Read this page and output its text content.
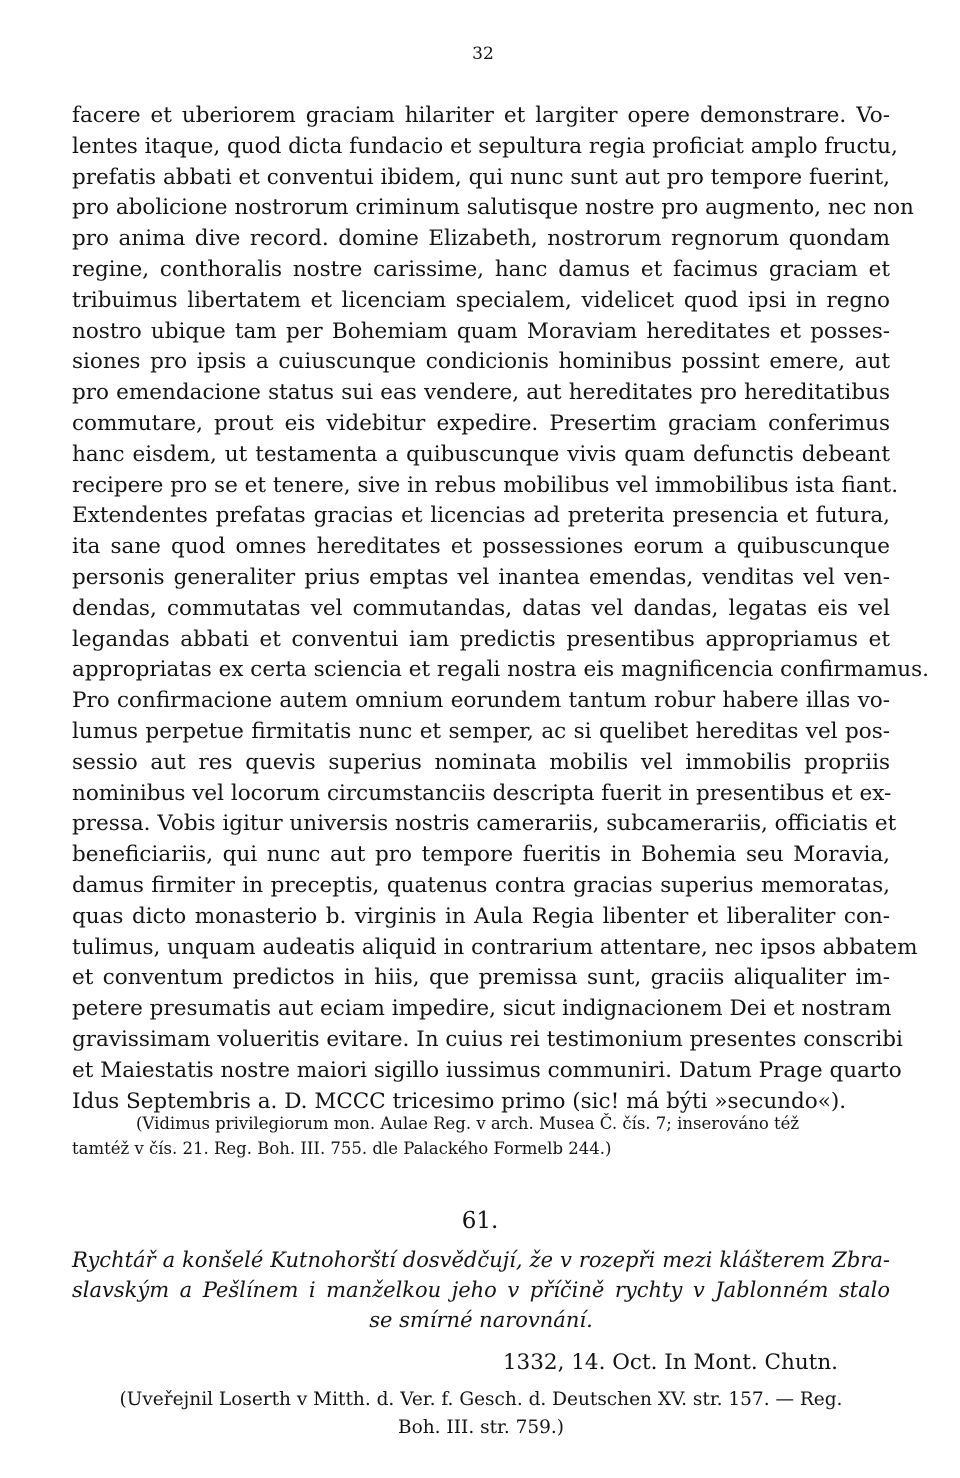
32

facere et uberiorem graciam hilariter et largiter opere demonstrare. Vo-
lentes itaque, quod dicta fundacio et sepultura regia proficiat amplo fructu,
prefatis abbati et conventui ibidem, qui nunc sunt aut pro tempore fuerint,
pro abolicione nostrorum criminum salutisque nostre pro augmento, nec non
pro anima dive record. domine Elizabeth, nostrorum regnorum quondam
regine, conthoralis nostre carissime, hanc damus et facimus graciam et
tribuimus libertatem et licenciam specialem, videlicet quod ipsi in regno
nostro ubique tam per Bohemiam quam Moraviam hereditates et posses-
siones pro ipsis a cuiuscunque condicionis hominibus possint emere, aut
pro emendacione status sui eas vendere, aut hereditates pro hereditatibus
commutare, prout eis videbitur expedire. Presertim graciam conferimus
hanc eisdem, ut testamenta a quibuscunque vivis quam defunctis debeant
recipere pro se et tenere, sive in rebus mobilibus vel immobilibus ista fiant.
Extendentes prefatas gracias et licencias ad preterita presencia et futura,
ita sane quod omnes hereditates et possessiones eorum a quibuscunque
personis generaliter prius emptas vel inantea emendas, venditas vel ven-
dendas, commutatas vel commutandas, datas vel dandas, legatas eis vel
legandas abbati et conventui iam predictis presentibus appropriamus et
appropriatas ex certa sciencia et regali nostra eis magnificencia confirmamus.
Pro confirmacione autem omnium eorundem tantum robur habere illas vo-
lumus perpetue firmitatis nunc et semper, ac si quelibet hereditas vel pos-
sessio aut res quevis superius nominata mobilis vel immobilis propriis
nominibus vel locorum circumstanciis descripta fuerit in presentibus et ex-
pressa. Vobis igitur universis nostris camerariis, subcamerariis, officiatis et
beneficiariis, qui nunc aut pro tempore fueritis in Bohemia seu Moravia,
damus firmiter in preceptis, quatenus contra gracias superius memoratas,
quas dicto monasterio b. virginis in Aula Regia libenter et liberaliter con-
tulimus, unquam audeatis aliquid in contrarium attentare, nec ipsos abbatem
et conventum predictos in hiis, que premissa sunt, graciis aliqualiter im-
petere presumatis aut eciam impedire, sicut indignacionem Dei et nostram
gravissimam volueritis evitare. In cuius rei testimonium presentes conscribi
et Maiestatis nostre maiori sigillo iussimus communiri. Datum Prage quarto
Idus Septembris a. D. MCCC tricesimo primo (sic! má býti »secundo«).

(Vidimus privilegiorum mon. Aulae Reg. v arch. Musea Č. čís. 7; inserováno též
tamtéž v čís. 21. Reg. Boh. III. 755. dle Palackého Formelb 244.)

61.

Rychtář a konšelé Kutnohorští dosvědčují, že v rozepři mezi klášterem Zbra-
slavským a Pešlínem i manželkou jeho v příčině rychty v Jablonném stalo
se smírné narovnání.

1332, 14. Oct. In Mont. Chutn.

(Uveřejnil Loserth v Mitth. d. Ver. f. Gesch. d. Deutschen XV. str. 157. — Reg.
Boh. III. str. 759.)
